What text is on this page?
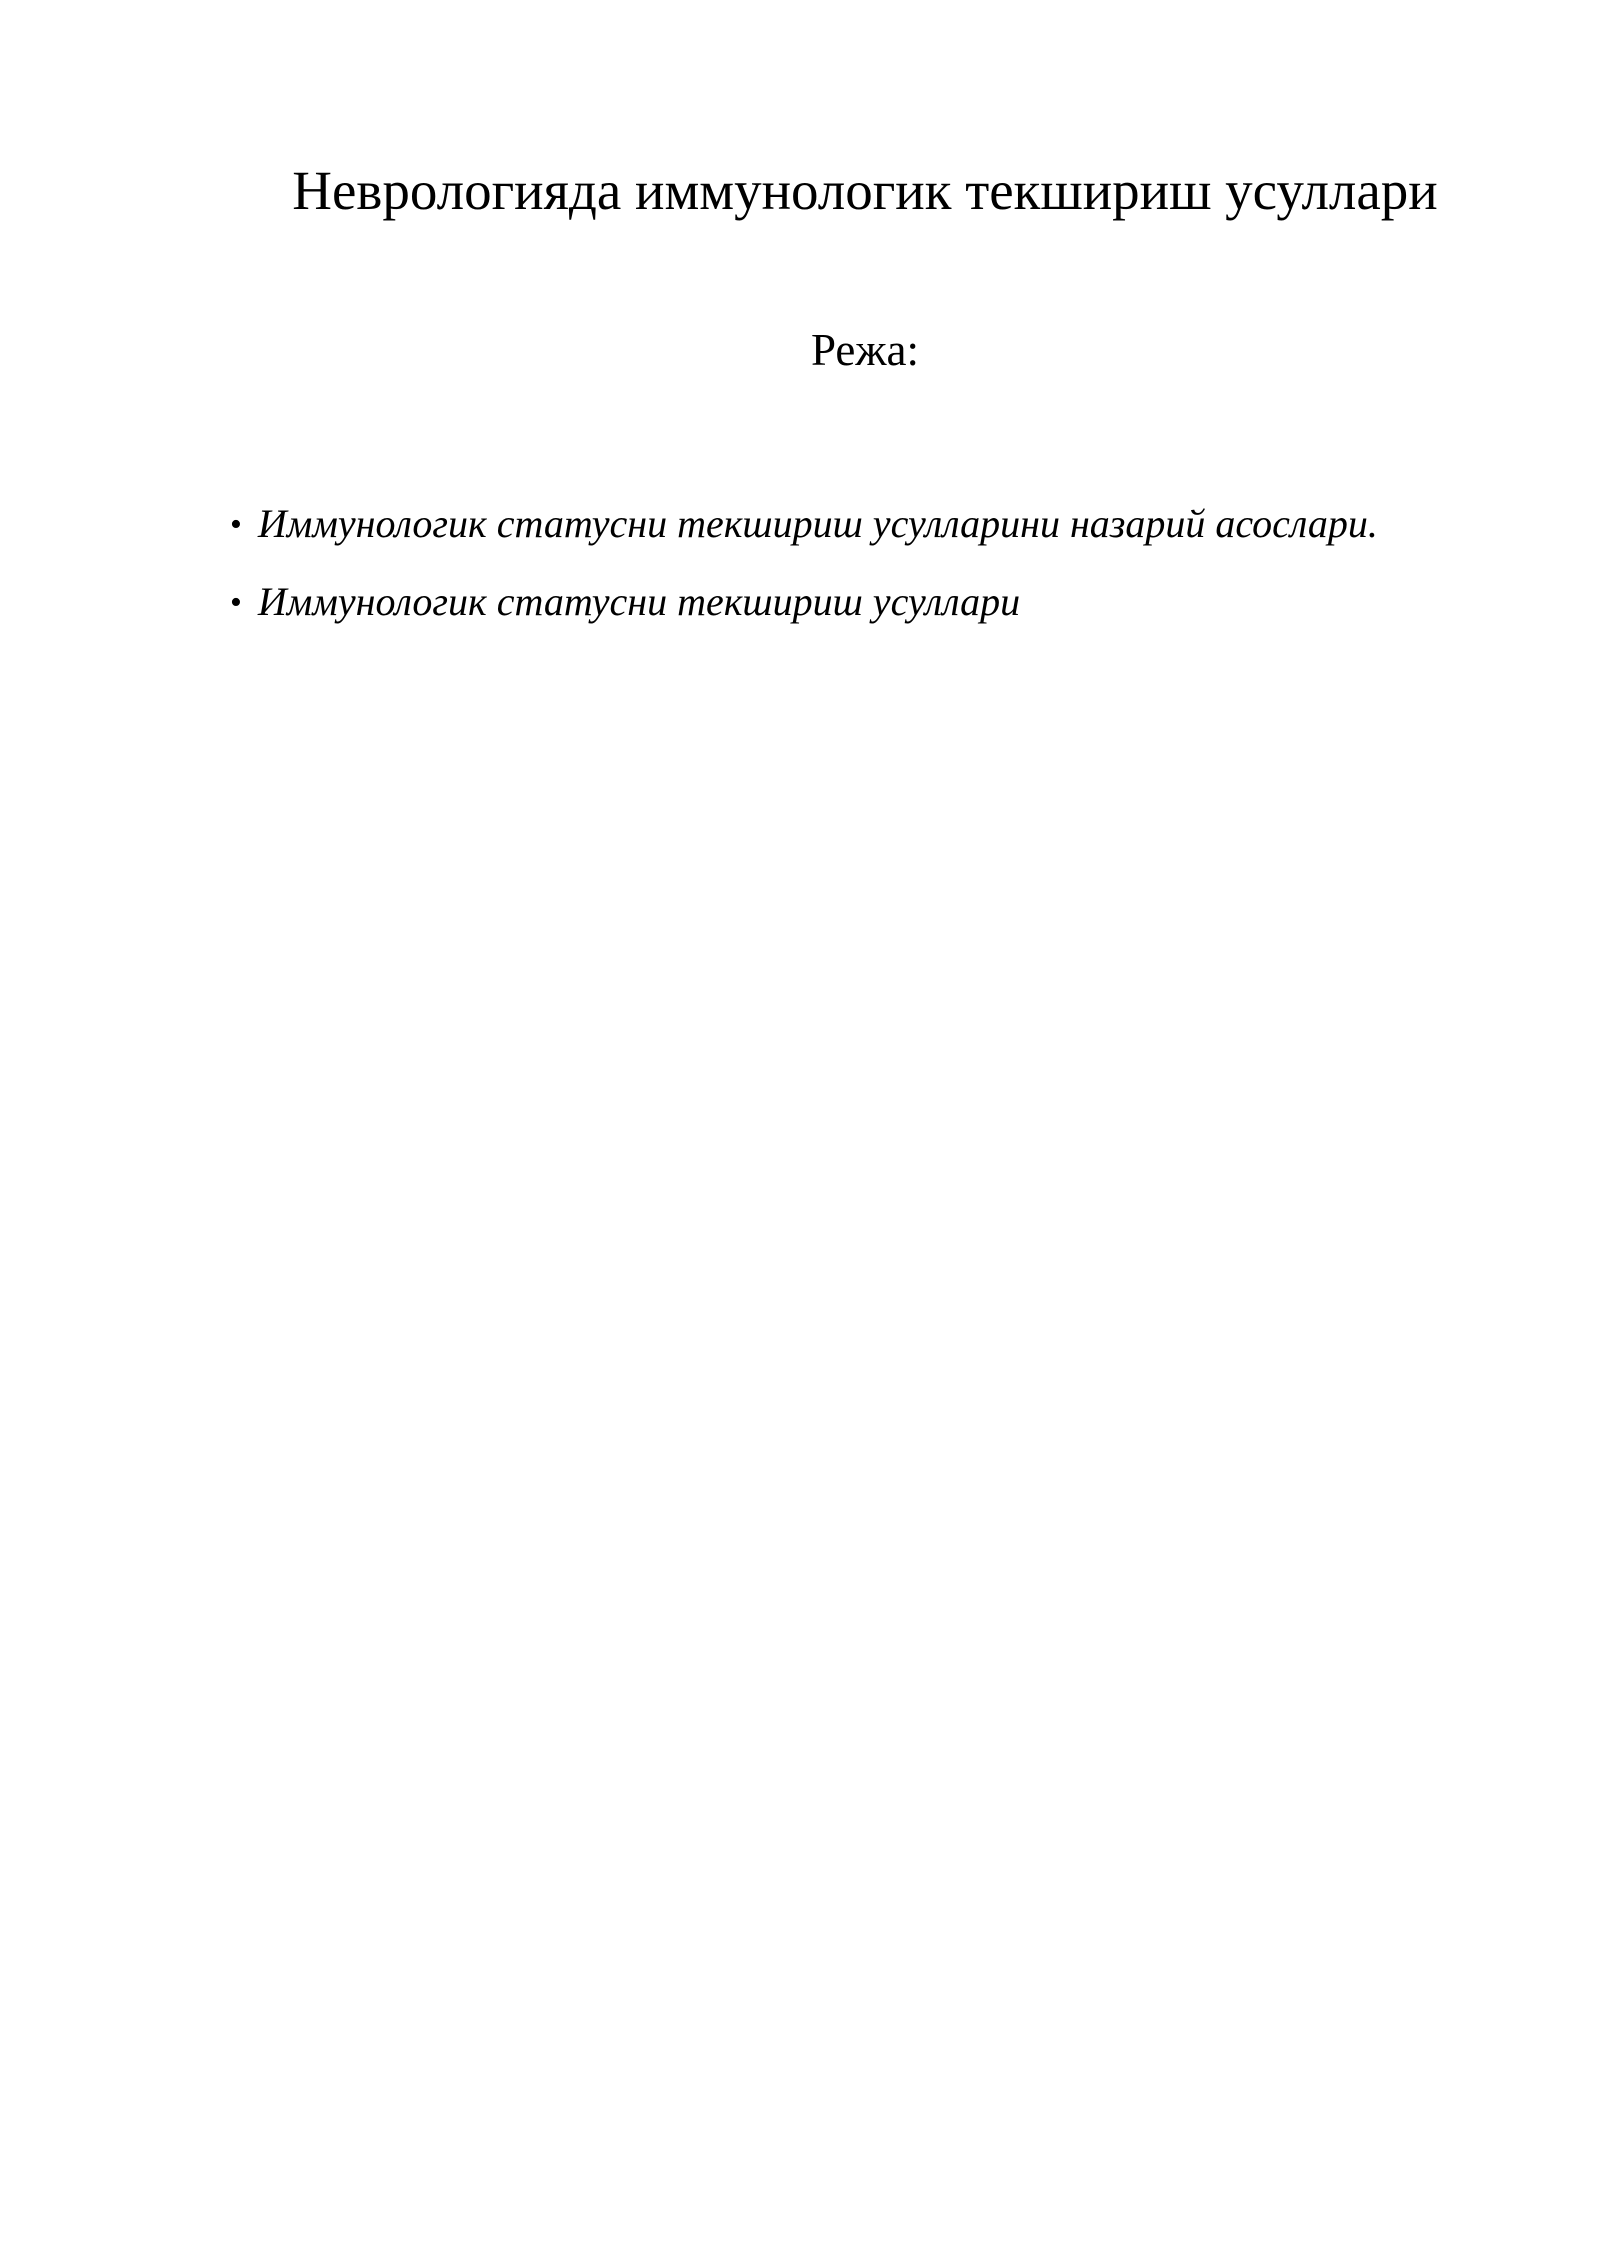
Неврологияда иммунологик текшириш усуллари

Режа:

• Иммунологик статусни текшириш усулларини назарий асослари.
• Иммунологик статусни текшириш усуллари
